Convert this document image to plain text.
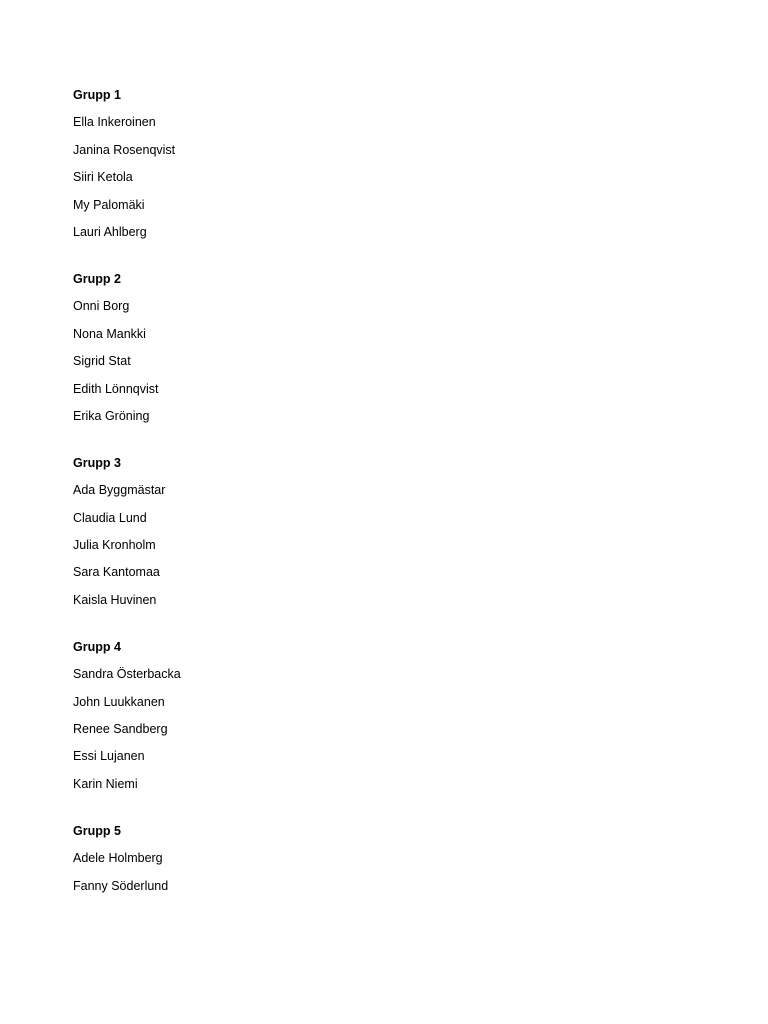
Grupp 1
Ella Inkeroinen
Janina Rosenqvist
Siiri Ketola
My Palomäki
Lauri Ahlberg
Grupp 2
Onni Borg
Nona Mankki
Sigrid Stat
Edith Lönnqvist
Erika Gröning
Grupp 3
Ada Byggmästar
Claudia Lund
Julia Kronholm
Sara Kantomaa
Kaisla Huvinen
Grupp 4
Sandra Österbacka
John Luukkanen
Renee Sandberg
Essi Lujanen
Karin Niemi
Grupp 5
Adele Holmberg
Fanny Söderlund
